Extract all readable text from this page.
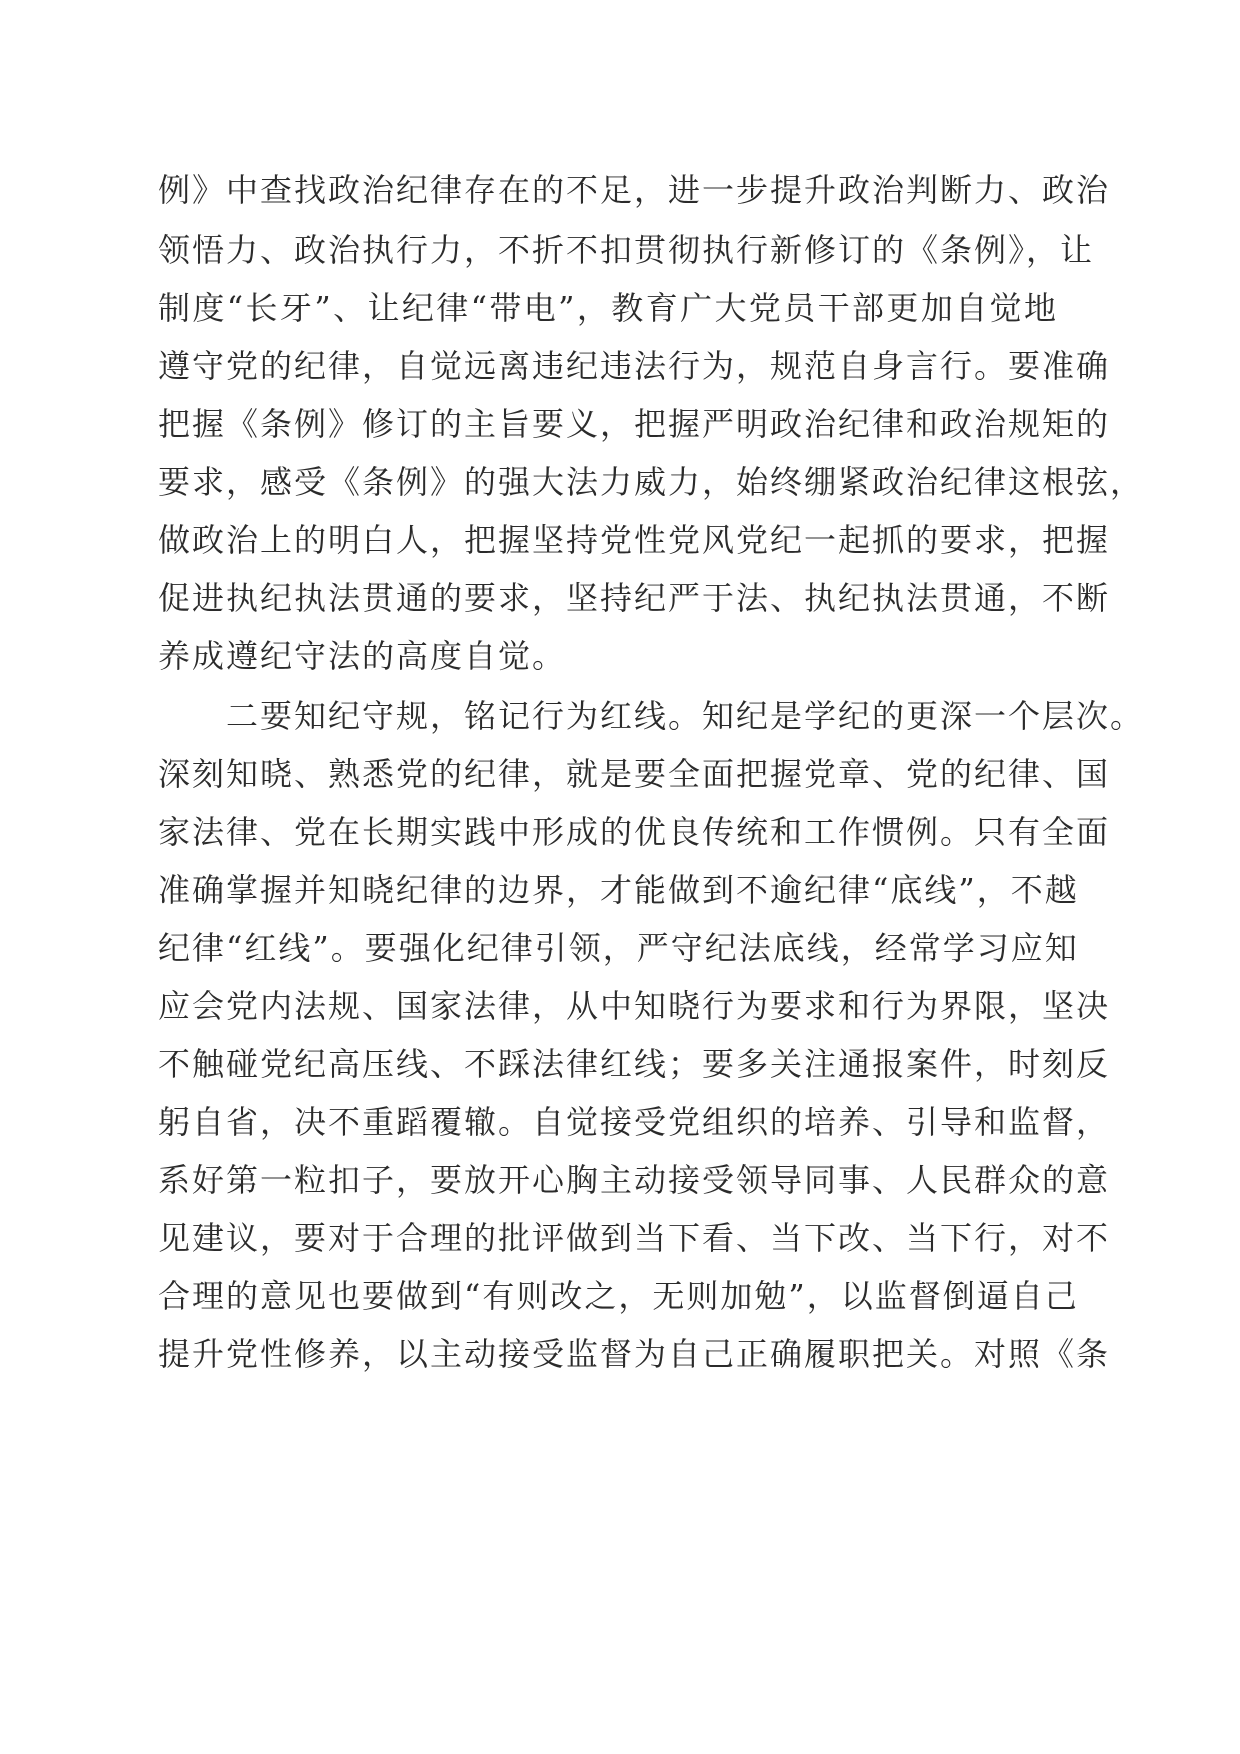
例》中查找政治纪律存在的不足，进一步提升政治判断力、政治
领悟力、政治执行力，不折不扣贯彻执行新修订的《条例》，让
制度“长牙”、让纪律“带电”，教育广大党员干部更加自觉地
遵守党的纪律，自觉远离违纪违法行为，规范自身言行。要准确
把握《条例》修订的主旨要义，把握严明政治纪律和政治规矩的
要求，感受《条例》的强大法力威力，始终绷紧政治纪律这根弦，
做政治上的明白人，把握坚持党性党风党纪一起抓的要求，把握
促进执纪执法贯通的要求，坚持纪严于法、执纪执法贯通，不断
养成遵纪守法的高度自觉。
二要知纪守规，铭记行为红线。知纪是学纪的更深一个层次。
深刻知晓、熟悉党的纪律，就是要全面把握党章、党的纪律、国
家法律、党在长期实践中形成的优良传统和工作惯例。只有全面
准确掌握并知晓纪律的边界，才能做到不逾纪律“底线”，不越
纪律“红线”。要强化纪律引领，严守纪法底线，经常学习应知
应会党内法规、国家法律，从中知晓行为要求和行为界限，坚决
不触碰党纪高压线、不踩法律红线；要多关注通报案件，时刻反
躬自省，决不重蹈覆辙。自觉接受党组织的培养、引导和监督，
系好第一粒扣子，要放开心胸主动接受领导同事、人民群众的意
见建议，要对于合理的批评做到当下看、当下改、当下行，对不
合理的意见也要做到“有则改之，无则加勉”，以监督倒逼自己
提升党性修养，以主动接受监督为自己正确履职把关。对照《条
